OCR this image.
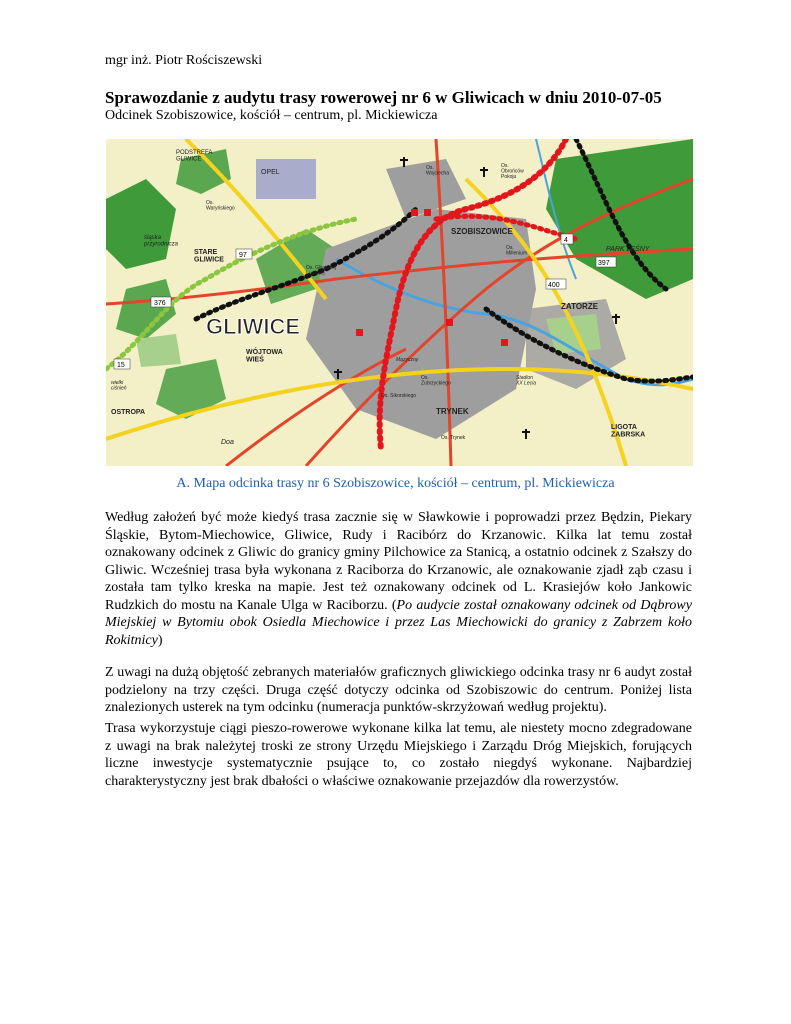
mgr inż. Piotr Rościszewski
Sprawozdanie z audytu trasy rowerowej nr 6 w Gliwicach w dniu 2010-07-05
Odcinek Szobiszowice, kościół – centrum, pl. Mickiewicza
GLIWICE
SZOBISZOWICE
STARE GLIWICE
ZATORZE
WÓJTOWA WIEŚ
TRYNEK
OSTROPA
LIGOTA ZABRSKA
PARK LEŚNY
OPEL
PODSTREFA GLIWICE
śląska przyrodnicza
Doa
Os. Waryńskiego
Os. Gliwickiej Ludowej
Os. Zubrzyckiego
Os. Trynek
Stadion XX Lecia
Os. Millenium
Os. Wojciecha
Os. Obrońców Pokoju
Mązyczny
Os. Sikorskiego
wielki ciśnień
376
15
97
397
400
4
A. Mapa odcinka trasy nr 6 Szobiszowice, kościół – centrum, pl. Mickiewicza

Według założeń być może kiedyś trasa zacznie się w Sławkowie i poprowadzi przez Będzin, Piekary Śląskie, Bytom-Miechowice, Gliwice, Rudy i Racibórz do Krzanowic. Kilka lat temu został oznakowany odcinek z Gliwic do granicy gminy Pilchowice za Stanicą, a ostatnio odcinek z Szałszy do Gliwic. Wcześniej trasa była wykonana z Raciborza do Krzanowic, ale oznakowanie zjadł ząb czasu i została tam tylko kreska na mapie. Jest też oznakowany odcinek od L. Krasiejów koło Jankowic Rudzkich do mostu na Kanale Ulga w Raciborzu. (Po audycie został oznakowany odcinek od Dąbrowy Miejskiej w Bytomiu obok Osiedla Miechowice i przez Las Miechowicki do granicy z Zabrzem koło Rokitnicy)

Z uwagi na dużą objętość zebranych materiałów graficznych gliwickiego odcinka trasy nr 6 audyt został podzielony na trzy części. Druga część dotyczy odcinka od Szobiszowic do centrum. Poniżej lista znalezionych usterek na tym odcinku (numeracja punktów-skrzyżowań według projektu).

Trasa wykorzystuje ciągi pieszo-rowerowe wykonane kilka lat temu, ale niestety mocno zdegradowane z uwagi na brak należytej troski ze strony Urzędu Miejskiego i Zarządu Dróg Miejskich, forujących liczne inwestycje systematycznie psujące to, co zostało niegdyś wykonane. Najbardziej charakterystyczny jest brak dbałości o właściwe oznakowanie przejazdów dla rowerzystów.
